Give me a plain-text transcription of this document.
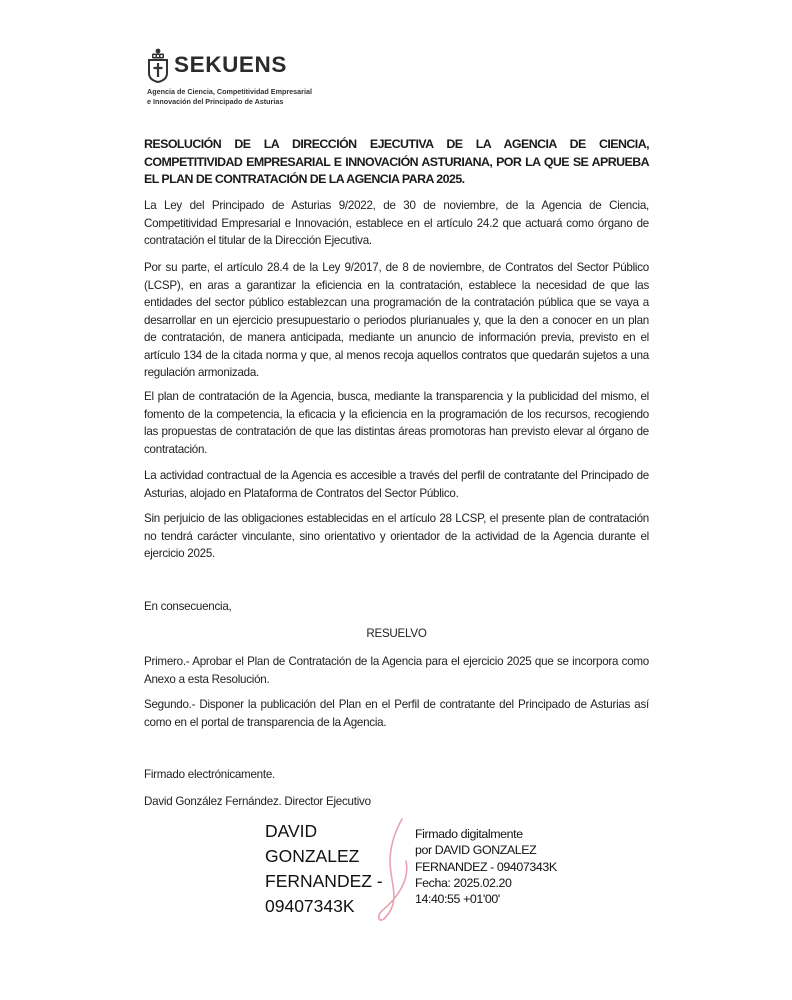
SEKUENS
Agencia de Ciencia, Competitividad Empresarial
e Innovación del Principado de Asturias
RESOLUCIÓN DE LA DIRECCIÓN EJECUTIVA DE LA AGENCIA DE CIENCIA, COMPETITIVIDAD EMPRESARIAL E INNOVACIÓN ASTURIANA, POR LA QUE SE APRUEBA EL PLAN DE CONTRATACIÓN DE LA AGENCIA PARA 2025.
La Ley del Principado de Asturias 9/2022, de 30 de noviembre, de la Agencia de Ciencia, Competitividad Empresarial e Innovación, establece en el artículo 24.2 que actuará como órgano de contratación el titular de la Dirección Ejecutiva.
Por su parte, el artículo 28.4 de la Ley 9/2017, de 8 de noviembre, de Contratos del Sector Público (LCSP), en aras a garantizar la eficiencia en la contratación, establece la necesidad de que las entidades del sector público establezcan una programación de la contratación pública que se vaya a desarrollar en un ejercicio presupuestario o periodos plurianuales y, que la den a conocer en un plan de contratación, de manera anticipada, mediante un anuncio de información previa, previsto en el artículo 134 de la citada norma y que, al menos recoja aquellos contratos que quedarán sujetos a una regulación armonizada.
El plan de contratación de la Agencia, busca, mediante la transparencia y la publicidad del mismo, el fomento de la competencia, la eficacia y la eficiencia en la programación de los recursos, recogiendo las propuestas de contratación de que las distintas áreas promotoras han previsto elevar al órgano de contratación.
La actividad contractual de la Agencia es accesible a través del perfil de contratante del Principado de Asturias, alojado en Plataforma de Contratos del Sector Público.
Sin perjuicio de las obligaciones establecidas en el artículo 28 LCSP, el presente plan de contratación no tendrá carácter vinculante, sino orientativo y orientador de la actividad de la Agencia durante el ejercicio 2025.
En consecuencia,
RESUELVO
Primero.- Aprobar el Plan de Contratación de la Agencia para el ejercicio 2025 que se incorpora como Anexo a esta Resolución.
Segundo.- Disponer la publicación del Plan en el Perfil de contratante del Principado de Asturias así como en el portal de transparencia de la Agencia.
Firmado electrónicamente.
David González Fernández. Director Ejecutivo
DAVID
GONZALEZ
FERNANDEZ -
09407343K
Firmado digitalmente
por DAVID GONZALEZ
FERNANDEZ - 09407343K
Fecha: 2025.02.20
14:40:55 +01'00'
